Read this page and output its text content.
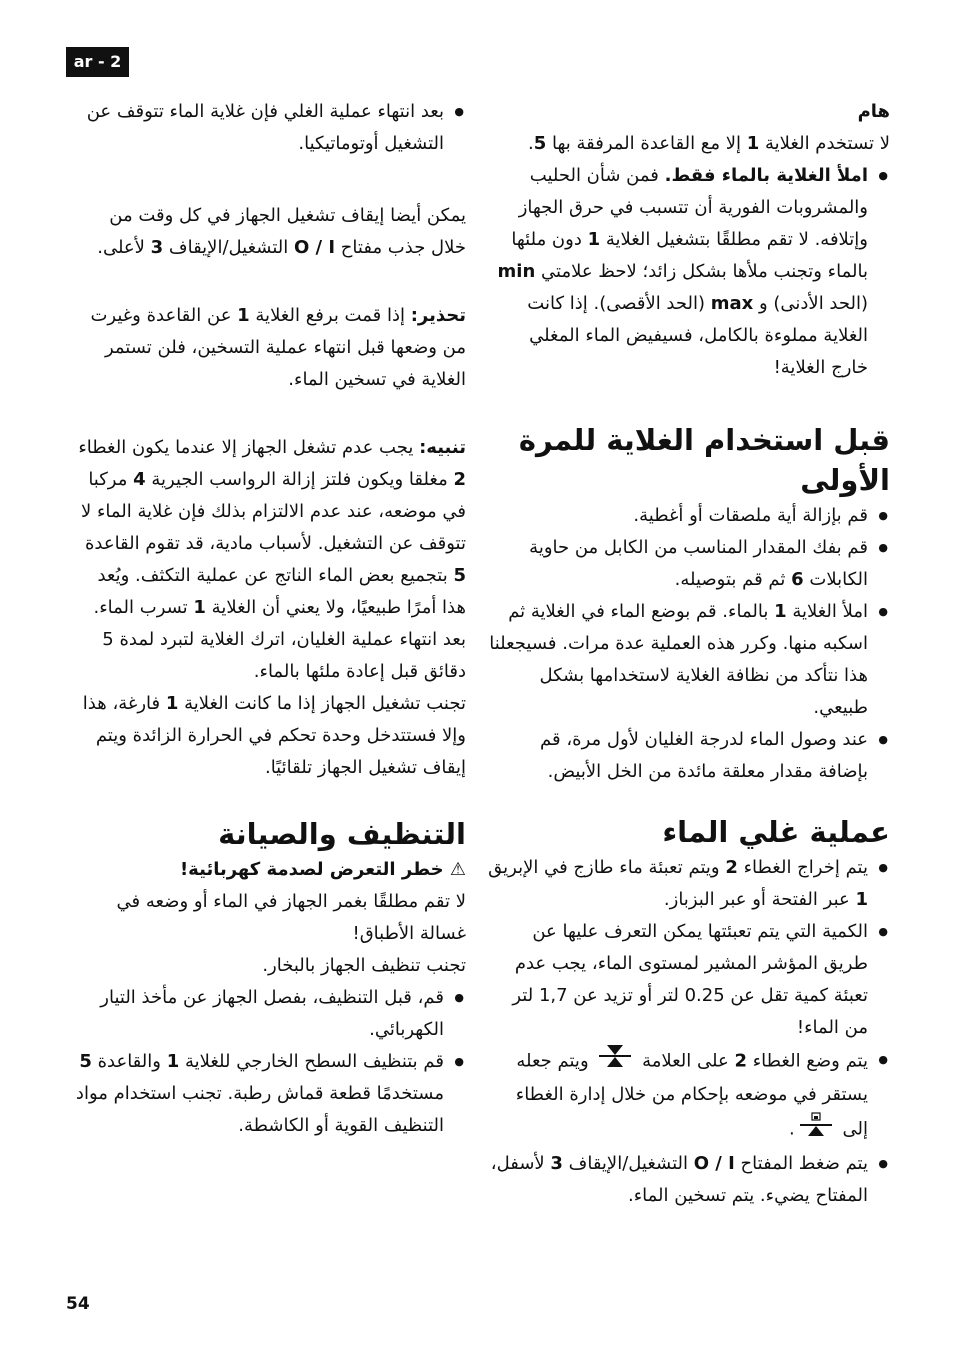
ar - 2

هام

لا تستخدم الغلاية 1 إلا مع القاعدة المرفقة بها 5.

● املأ الغلاية بالماء فقط. فمن شأن الحليب والمشروبات الفورية أن تتسبب في حرق الجهاز وإتلافه. لا تقم مطلقًا بتشغيل الغلاية 1 دون ملئها بالماء وتجنب ملأها بشكل زائد؛ لاحظ علامتي min (الحد الأدنى) و max (الحد الأقصى). إذا كانت الغلاية مملوءة بالكامل، فسيفيض الماء المغلي خارج الغلاية!

قبل استخدام الغلاية للمرة الأولى

● قم بإزالة أية ملصقات أو أغطية.

● قم بفك المقدار المناسب من الكابل من حاوية الكابلات 6 ثم قم بتوصيله.

● املأ الغلاية 1 بالماء. قم بوضع الماء في الغلاية ثم اسكبه منها. وكرر هذه العملية عدة مرات. فسيجعلنا هذا نتأكد من نظافة الغلاية لاستخدامها بشكل طبيعي.

● عند وصول الماء لدرجة الغليان لأول مرة، قم بإضافة مقدار معلقة مائدة من الخل الأبيض.

عملية غلي الماء

● يتم إخراج الغطاء 2 ويتم تعبئة ماء طازج في الإبريق 1 عبر الفتحة أو عبر البزباز.

● الكمية التي يتم تعبئتها يمكن التعرف عليها عن طريق المؤشر المشير لمستوى الماء، يجب عدم تعبئة كمية تقل عن 0.25 لتر أو تزيد عن 1,7 لتر من الماء!

● يتم وضع الغطاء 2 على العلامة  ويتم جعله يستقر في موضعه بإحكام من خلال إدارة الغطاء إلى .

● يتم ضغط المفتاح O / I التشغيل/الإيقاف 3 لأسفل، المفتاح يضيء. يتم تسخين الماء.

● بعد انتهاء عملية الغلي فإن غلاية الماء تتوقف عن التشغيل أوتوماتيكيا.

يمكن أيضا إيقاف تشغيل الجهاز في كل وقت من خلال جذب مفتاح O / I التشغيل/الإيقاف 3 لأعلى.

تحذير: إذا قمت برفع الغلاية 1 عن القاعدة وغيرت من وضعها قبل انتهاء عملية التسخين، فلن تستمر الغلاية في تسخين الماء.

تنبيه: يجب عدم تشغل الجهاز إلا عندما يكون الغطاء 2 مغلقا ويكون فلتز إزالة الرواسب الجيرية 4 مركبا في موضعه، عند عدم الالتزام بذلك فإن غلاية الماء لا تتوقف عن التشغيل. لأسباب مادية، قد تقوم القاعدة 5 بتجميع بعض الماء الناتج عن عملية التكثف. ويُعد هذا أمرًا طبيعيًا، ولا يعني أن الغلاية 1 تسرب الماء. بعد انتهاء عملية الغليان، اترك الغلاية لتبرد لمدة 5 دقائق قبل إعادة ملئها بالماء.

تجنب تشغيل الجهاز إذا ما كانت الغلاية 1 فارغة، هذا وإلا فستتدخل وحدة تحكم في الحرارة الزائدة ويتم إيقاف تشغيل الجهاز تلقائيًا.

التنظيف والصيانة

⚠ خطر التعرض لصدمة كهربائية!

لا تقم مطلقًا بغمر الجهاز في الماء أو وضعه في غسالة الأطباق!

تجنب تنظيف الجهاز بالبخار.

● قم، قبل التنظيف، بفصل الجهاز عن مأخذ التيار الكهربائي.

● قم بتنظيف السطح الخارجي للغلاية 1 والقاعدة 5 مستخدمًا قطعة قماش رطبة. تجنب استخدام مواد التنظيف القوية أو الكاشطة.

54
